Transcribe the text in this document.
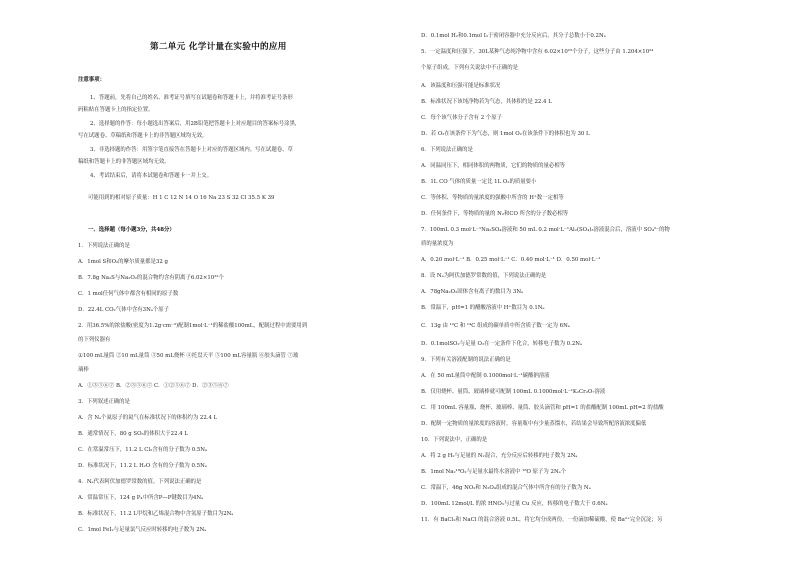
第二单元 化学计量在实验中的应用
注意事项：
1、答题前，先将自己的姓名、准考证号填写在试题卷和答题卡上，并将准考证号条形
码粘贴在答题卡上的指定位置。
2、选择题的作答：每小题选出答案后，用2B铅笔把答题卡上对应题目的答案标号涂黑，
写在试题卷、草稿纸和答题卡上的非答题区域均无效。
3、非选择题的作答：用签字笔直接答在答题卡上对应的答题区域内。写在试题卷、草
稿纸和答题卡上的非答题区域均无效。
4、考试结束后，请将本试题卷和答题卡一并上交。
可能用到的相对原子质量：H 1 C 12 N 14 O 16 Na 23 S 32 Cl 35.5 K 39
一、选择题（每小题3分，共48分）
1．下列说法正确的是
A．1mol S和O₂的摩尔质量都是32 g
B．7.8g Na₂S与Na₂O₂的混合物约含有阴离子6.02×10²²个
C．1 mol任何气体中都含有相同的原子数
D．22.4L CO₂气体中含有3Nₐ个原子
2．用36.5%的浓盐酸(密度为1.2g·cm⁻³)配制1mol·L⁻¹的稀盐酸100mL，配制过程中需要用到
的下列仪器有
①100 mL量筒 ②10 mL量筒 ③50 mL烧杯 ④托盘天平 ⑤100 mL容量瓶 ⑥胶头滴管 ⑦玻
璃棒
A．①③⑤⑥⑦ B．②③⑤⑥⑦ C．①②⑤⑥⑦ D．②③⑤⑥⑦
3．下列叙述正确的是
A．含 Nₐ个氦原子的氦气在标准状况下的体积约为 22.4 L
B．通常情况下，80 g SO₃的体积大于22.4 L
C．在常温常压下，11.2 L Cl₂含有的分子数为 0.5Nₐ
D．标准状况下，11.2 L H₂O 含有的分子数为 0.5Nₐ
4．Nₐ代表阿伏加德罗常数的值。下列说法正确的是
A．常温常压下，124 g P₄中所含P—P键数目为4Nₐ
B．标准状况下，11.2 L甲烷和乙烯混合物中含氢原子数目为2Nₐ
C．1mol FeI₂与足量氯气反应时转移的电子数为 2Nₐ
D．0.1mol H₂和0.1mol I₂于密闭容器中充分反应后，其分子总数小于0.2Nₐ
5．一定温度和压强下，30L某种气态纯净物中含有 6.02×10²³个分子，这些分子由 1.204×10²⁴
个原子组成，下列有关说法中不正确的是
A．该温度和压强可能是标准状况
B．标准状况下该纯净物若为气态，其体积约是 22.4 L
C．每个该气体分子含有 2 个原子
D．若 O₂在该条件下为气态，则 1mol O₂在该条件下的体积也为 30 L
6．下列说法正确的是
A．同温同压下，相同体积的两物质，它们的物质的量必相等
B．1L CO 气体的质量一定比 1L O₂的质量要小
C．等体积、等物质的量浓度的强酸中所含的 H⁺数一定相等
D．任何条件下，等物质的量的 N₂和CO 所含的分子数必相等
7．100mL 0.3 mol·L⁻¹Na₂SO₄溶液和 50 mL 0.2 mol·L⁻¹Al₂(SO₄)₃溶液混合后，溶液中 SO₄²⁻的物
质的量浓度为
A．0.20 mol·L⁻¹ B．0.25 mol·L⁻¹ C．0.40 mol·L⁻¹ D．0.50 mol·L⁻¹
8．设 Nₐ为阿伏加德罗常数的值，下列说法正确的是
A．78gNa₂O₂固体含有离子的数目为 3Nₐ
B．常温下，pH=1 的醋酸溶液中 H⁺数目为 0.1Nₐ
C．13g 由 ¹²C 和 ¹⁴C 组成的碳单质中所含质子数一定为 6Nₐ
D．0.1molSO₂与足量 O₂在一定条件下化合，转移电子数为 0.2Nₐ
9．下列有关溶液配制的说法正确的是
A．在 50 mL量筒中配制 0.1000mol·L⁻¹碳酸钠溶液
B．仅用烧杯、量筒、玻璃棒就可配制 100mL 0.1000mol·L⁻¹K₂Cr₂O₇溶液
C．用 100mL 容量瓶、烧杯、玻璃棒、量筒、胶头滴管和 pH=1 的盐酸配制 100mL pH=2 的盐酸
D．配制一定物质的量浓度的溶液时，容量瓶中有少量蒸馏水，若结果会导致所配溶液浓度偏低
10．下列说法中，正确的是
A．将 2 g H₂与足量的 N₂混合，充分反应后转移的电子数为 2Nₐ
B．1mol Na₂¹⁸O₂与足量水最终水溶液中 ¹⁸O 原子为 2Nₐ个
C．常温下，46g NO₂和 N₂O₄组成的混合气体中所含有的分子数为 Nₐ
D．100mL 12mol/L 的浓 HNO₃与过量 Cu 反应，转移的电子数大于 0.6Nₐ
11．有 BaCl₂和 NaCl 的混合溶液 0.5L，将它均分成两份。一份滴加稀硫酸，使 Ba²⁺完全沉淀；另
